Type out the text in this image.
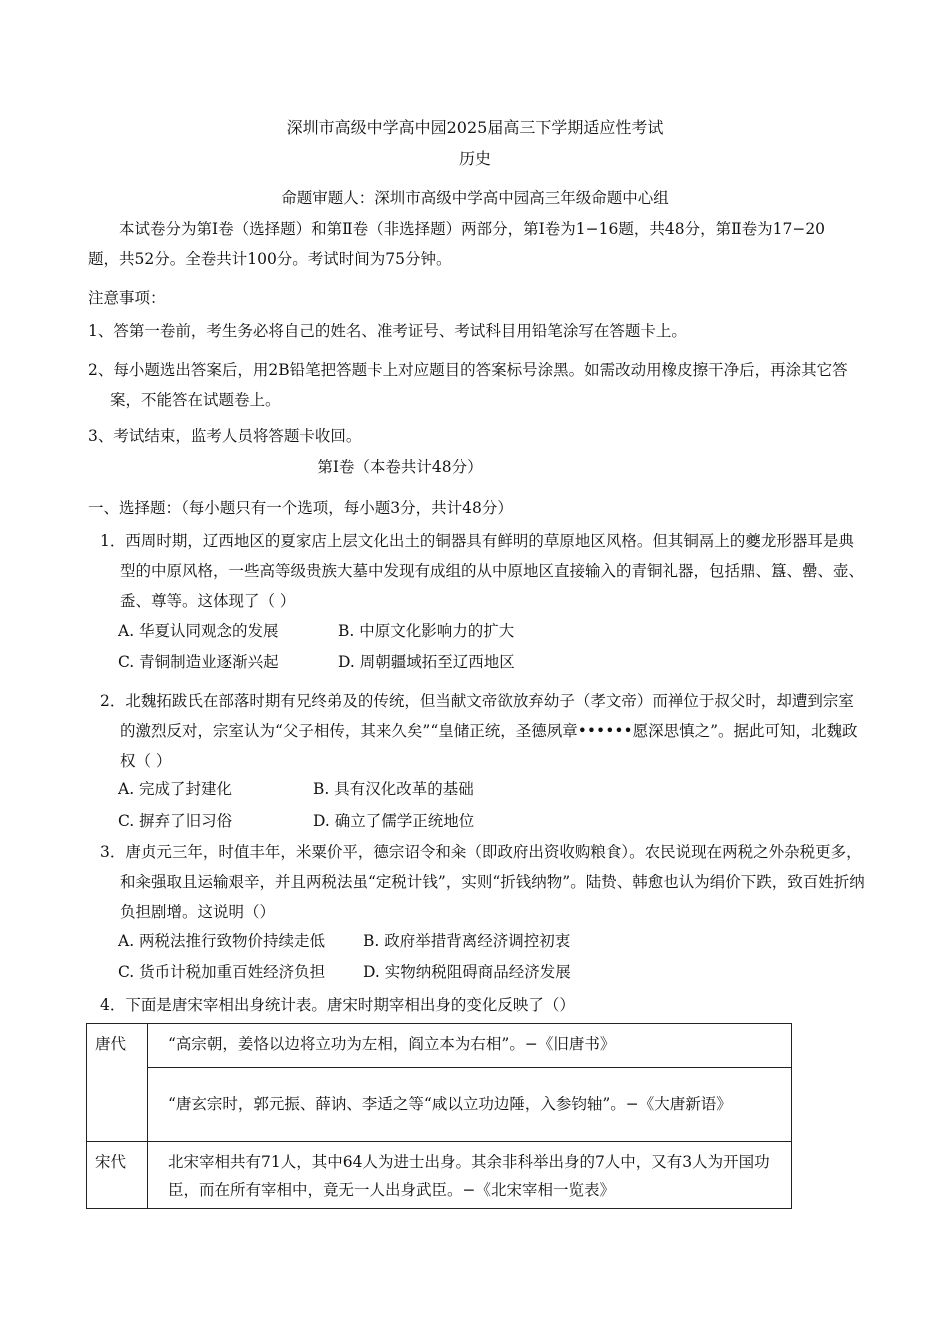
深圳市高级中学高中园2025届高三下学期适应性考试

历史

命题审题人：深圳市高级中学高中园高三年级命题中心组

本试卷分为第Ⅰ卷（选择题）和第Ⅱ卷（非选择题）两部分，第Ⅰ卷为1−16题，共48分，第Ⅱ卷为17−20题，共52分。全卷共计100分。考试时间为75分钟。

注意事项：

1、答第一卷前，考生务必将自己的姓名、准考证号、考试科目用铅笔涂写在答题卡上。

2、每小题选出答案后，用2B铅笔把答题卡上对应题目的答案标号涂黑。如需改动用橡皮擦干净后，再涂其它答案，不能答在试题卷上。

3、考试结束，监考人员将答题卡收回。

第Ⅰ卷（本卷共计48分）

一、选择题：（每小题只有一个选项，每小题3分，共计48分）

1．西周时期，辽西地区的夏家店上层文化出土的铜器具有鲜明的草原地区风格。但其铜鬲上的夔龙形器耳是典型的中原风格，一些高等级贵族大墓中发现有成组的从中原地区直接输入的青铜礼器，包括鼎、簋、罍、壶、盉、尊等。这体现了（ ）

A. 华夏认同观念的发展	B. 中原文化影响力的扩大

C. 青铜制造业逐渐兴起	D. 周朝疆域拓至辽西地区

2．北魏拓跋氏在部落时期有兄终弟及的传统，但当献文帝欲放弃幼子（孝文帝）而禅位于叔父时，却遭到宗室的激烈反对，宗室认为“父子相传，其来久矣”“皇储正统，圣德夙章••••••愿深思慎之”。据此可知，北魏政权（ ）

A. 完成了封建化	B. 具有汉化改革的基础

C. 摒弃了旧习俗	D. 确立了儒学正统地位

3．唐贞元三年，时值丰年，米粟价平，德宗诏令和籴（即政府出资收购粮食）。农民说现在两税之外杂税更多，和籴强取且运输艰辛，并且两税法虽“定税计钱”，实则“折钱纳物”。陆贽、韩愈也认为绢价下跌，致百姓折纳负担剧增。这说明（）

A. 两税法推行致物价持续走低 B. 政府举措背离经济调控初衷

C. 货币计税加重百姓经济负担 D. 实物纳税阻碍商品经济发展

4．下面是唐宋宰相出身统计表。唐宋时期宰相出身的变化反映了（）

唐代	“高宗朝，姜恪以边将立功为左相，阎立本为右相”。−《旧唐书》
	“唐玄宗时，郭元振、薛讷、李适之等“咸以立功边陲，入参钧轴”。−《大唐新语》
宋代	北宋宰相共有71人，其中64人为进士出身。其余非科举出身的7人中，又有3人为开国功臣，而在所有宰相中，竟无一人出身武臣。−《北宋宰相一览表》
